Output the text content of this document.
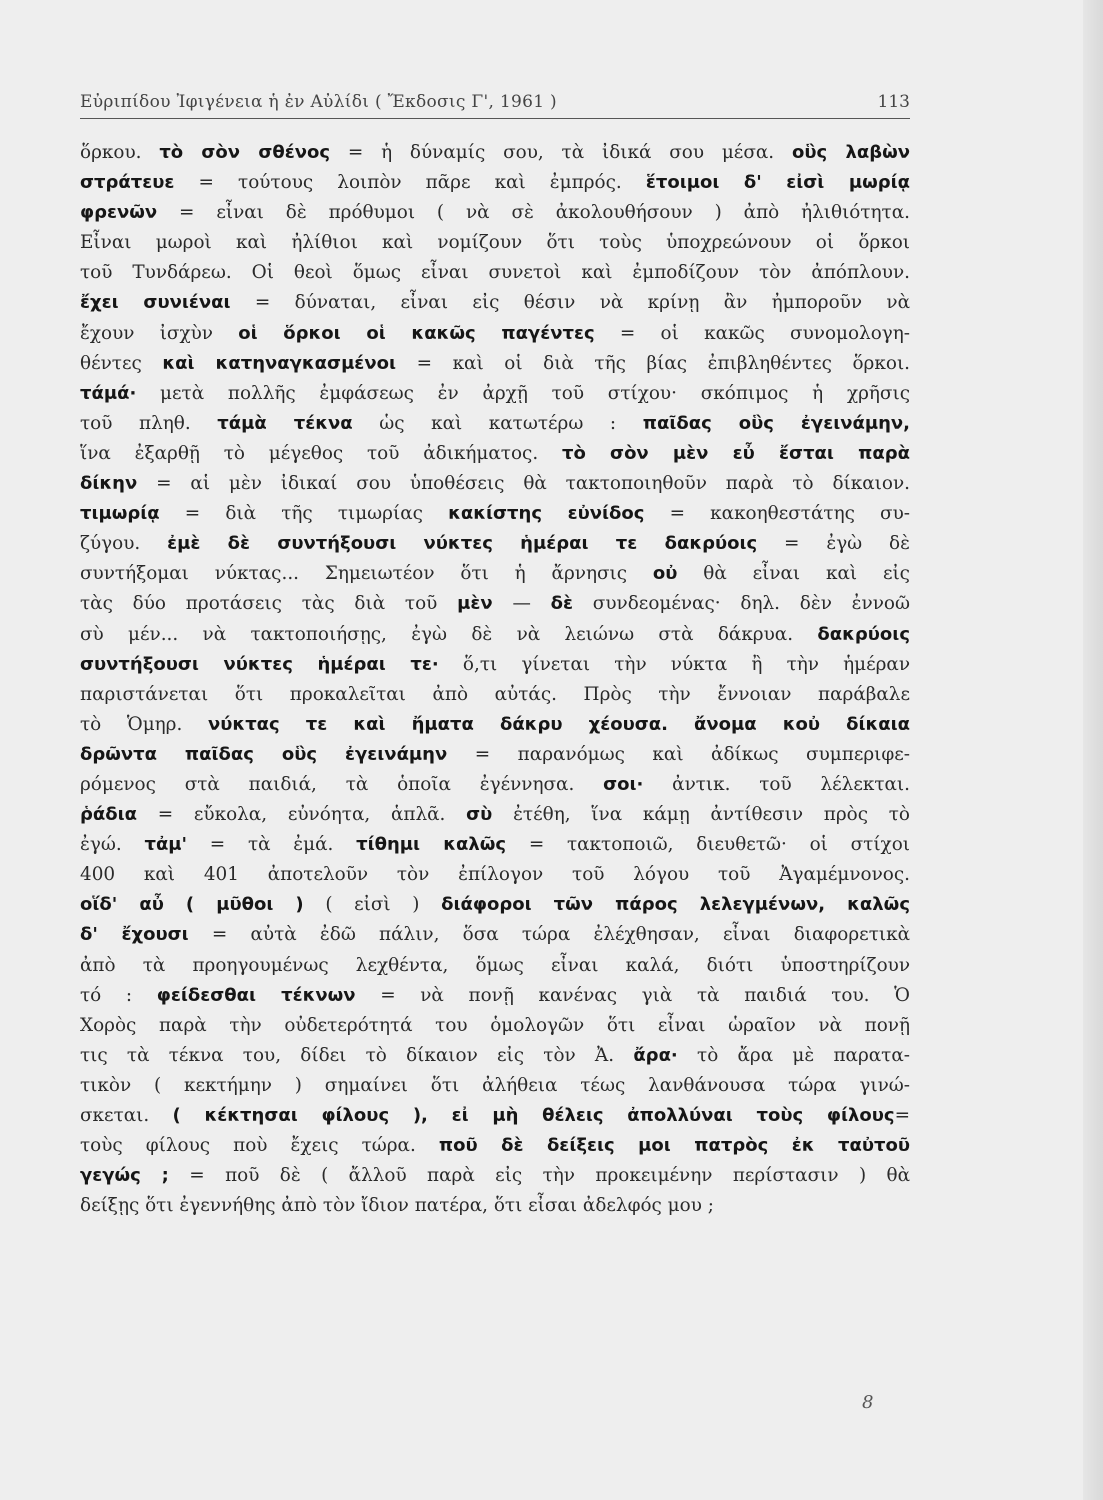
Εὐριπίδου Ἰφιγένεια ἡ ἐν Αὐλίδι ( Ἔκδοσις Γ', 1961 )	113
ὅρκου. τὸ σὸν σθένος = ἡ δύναμίς σου, τὰ ἰδικά σου μέσα. οὓς λαβὼν
στράτευε = τούτους λοιπὸν πᾶρε καὶ ἐμπρός. ἕτοιμοι δ' εἰσὶ μωρίᾳ
φρενῶν = εἶναι δὲ πρόθυμοι ( νὰ σὲ ἀκολουθήσουν ) ἀπὸ ἠλιθιότητα.
Εἶναι μωροὶ καὶ ἠλίθιοι καὶ νομίζουν ὅτι τοὺς ὑποχρεώνουν οἱ ὅρκοι
τοῦ Τυνδάρεω. Οἱ θεοὶ ὅμως εἶναι συνετοὶ καὶ ἐμποδίζουν τὸν ἀπόπλουν.
ἔχει συνιέναι = δύναται, εἶναι εἰς θέσιν νὰ κρίνῃ ἂν ἠμποροῦν νὰ
ἔχουν ἰσχὺν οἱ ὅρκοι οἱ κακῶς παγέντες = οἱ κακῶς συνομολογη-
θέντες καὶ κατηναγκασμένοι = καὶ οἱ διὰ τῆς βίας ἐπιβληθέντες ὅρκοι.
τάμά· μετὰ πολλῆς ἐμφάσεως ἐν ἀρχῇ τοῦ στίχου· σκόπιμος ἡ χρῆσις
τοῦ πληθ. τάμὰ τέκνα ὡς καὶ κατωτέρω : παῖδας οὓς ἐγεινάμην,
ἵνα ἐξαρθῇ τὸ μέγεθος τοῦ ἀδικήματος. τὸ σὸν μὲν εὖ ἔσται παρὰ
δίκην = αἱ μὲν ἰδικαί σου ὑποθέσεις θὰ τακτοποιηθοῦν παρὰ τὸ δίκαιον.
τιμωρίᾳ = διὰ τῆς τιμωρίας κακίστης εὐνίδος = κακοηθεστάτης συ-
ζύγου. ἐμὲ δὲ συντήξουσι νύκτες ἡμέραι τε δακρύοις = ἐγὼ δὲ
συντήξομαι νύκτας... Σημειωτέον ὅτι ἡ ἄρνησις οὐ θὰ εἶναι καὶ εἰς
τὰς δύο προτάσεις τὰς διὰ τοῦ μὲν — δὲ συνδεομένας· δηλ. δὲν ἐννοῶ
σὺ μέν... νὰ τακτοποιήσῃς, ἐγὼ δὲ νὰ λειώνω στὰ δάκρυα. δακρύοις
συντήξουσι νύκτες ἡμέραι τε· ὅ,τι γίνεται τὴν νύκτα ἢ τὴν ἡμέραν
παριστάνεται ὅτι προκαλεῖται ἀπὸ αὐτάς. Πρὸς τὴν ἔννοιαν παράβαλε
τὸ Ὁμηρ. νύκτας τε καὶ ἤματα δάκρυ χέουσα. ἄνομα κοὐ δίκαια
δρῶντα παῖδας οὓς ἐγεινάμην = παρανόμως καὶ ἀδίκως συμπεριφε-
ρόμενος στὰ παιδιά, τὰ ὁποῖα ἐγέννησα. σοι· ἀντικ. τοῦ λέλεκται.
ῥάδια = εὔκολα, εὐνόητα, ἁπλᾶ. σὺ ἐτέθη, ἵνα κάμῃ ἀντίθεσιν πρὸς τὸ
ἐγώ. τἀμ' = τὰ ἐμά. τίθημι καλῶς = τακτοποιῶ, διευθετῶ· οἱ στίχοι
400 καὶ 401 ἀποτελοῦν τὸν ἐπίλογον τοῦ λόγου τοῦ Ἀγαμέμνονος.
οἵδ' αὖ ( μῦθοι ) ( εἰσὶ ) διάφοροι τῶν πάρος λελεγμένων, καλῶς
δ' ἔχουσι = αὐτὰ ἐδῶ πάλιν, ὅσα τώρα ἐλέχθησαν, εἶναι διαφορετικὰ
ἀπὸ τὰ προηγουμένως λεχθέντα, ὅμως εἶναι καλά, διότι ὑποστηρίζουν
τό : φείδεσθαι τέκνων = νὰ πονῇ κανένας γιὰ τὰ παιδιά του. Ὁ
Χορὸς παρὰ τὴν οὐδετερότητά του ὁμολογῶν ὅτι εἶναι ὡραῖον νὰ πονῇ
τις τὰ τέκνα του, δίδει τὸ δίκαιον εἰς τὸν Ἀ. ἄρα· τὸ ἄρα μὲ παρατα-
τικὸν ( κεκτήμην ) σημαίνει ὅτι ἀλήθεια τέως λανθάνουσα τώρα γινώ-
σκεται. ( κέκτησαι φίλους ), εἰ μὴ θέλεις ἀπολλύναι τοὺς φίλους=
τοὺς φίλους ποὺ ἔχεις τώρα. ποῦ δὲ δείξεις μοι πατρὸς ἐκ ταὐτοῦ
γεγώς ; = ποῦ δὲ ( ἄλλοῦ παρὰ εἰς τὴν προκειμένην περίστασιν ) θὰ
δείξῃς ὅτι ἐγεννήθης ἀπὸ τὸν ἴδιον πατέρα, ὅτι εἶσαι ἀδελφός μου ;
8
